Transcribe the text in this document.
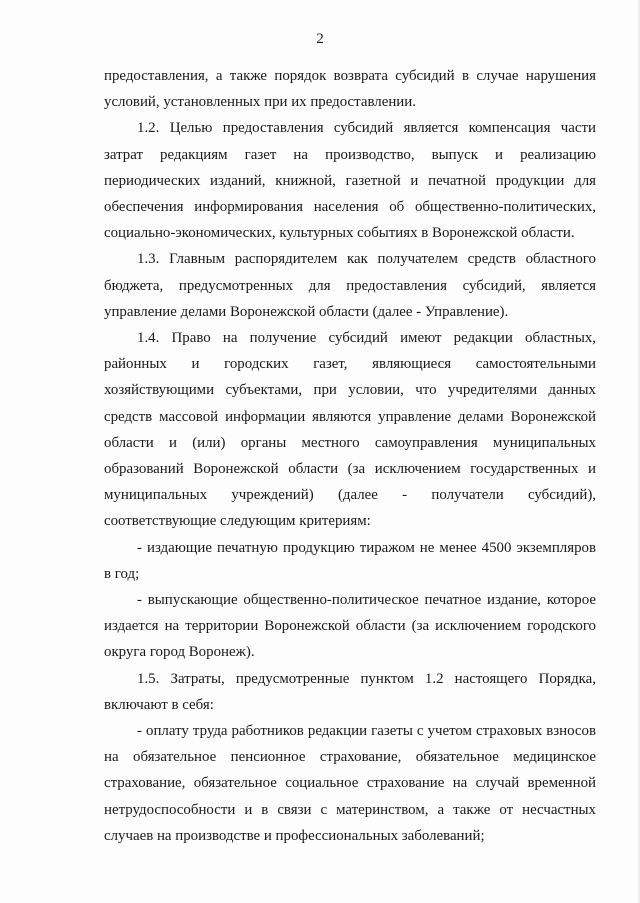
2

предоставления, а также порядок возврата субсидий в случае нарушения условий, установленных при их предоставлении.

1.2. Целью предоставления субсидий является компенсация части затрат редакциям газет на производство, выпуск и реализацию периодических изданий, книжной, газетной и печатной продукции для обеспечения информирования населения об общественно-политических, социально-экономических, культурных событиях в Воронежской области.

1.3. Главным распорядителем как получателем средств областного бюджета, предусмотренных для предоставления субсидий, является управление делами Воронежской области (далее - Управление).

1.4. Право на получение субсидий имеют редакции областных, районных и городских газет, являющиеся самостоятельными хозяйствующими субъектами, при условии, что учредителями данных средств массовой информации являются управление делами Воронежской области и (или) органы местного самоуправления муниципальных образований Воронежской области (за исключением государственных и муниципальных учреждений) (далее - получатели субсидий), соответствующие следующим критериям:

- издающие печатную продукцию тиражом не менее 4500 экземпляров в год;

- выпускающие общественно-политическое печатное издание, которое издается на территории Воронежской области (за исключением городского округа город Воронеж).

1.5. Затраты, предусмотренные пунктом 1.2 настоящего Порядка, включают в себя:

- оплату труда работников редакции газеты с учетом страховых взносов на обязательное пенсионное страхование, обязательное медицинское страхование, обязательное социальное страхование на случай временной нетрудоспособности и в связи с материнством, а также от несчастных случаев на производстве и профессиональных заболеваний;
